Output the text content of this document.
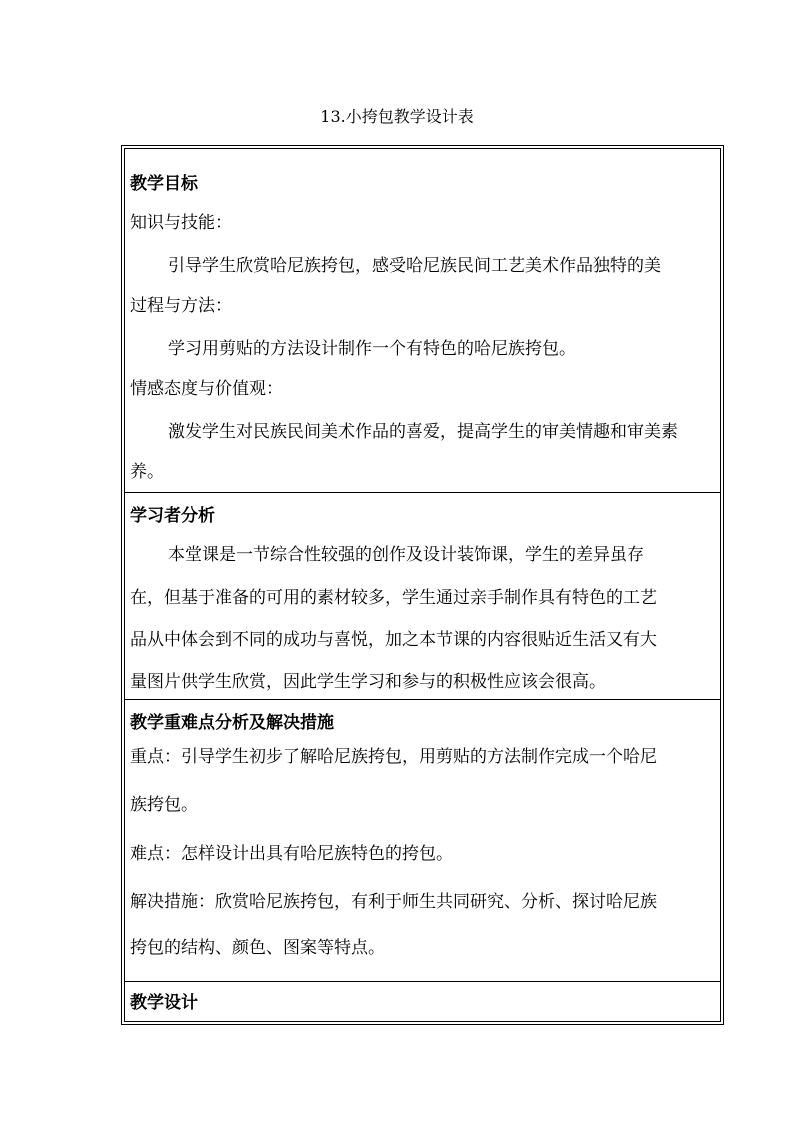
13.小挎包教学设计表
教学目标
知识与技能：
引导学生欣赏哈尼族挎包，感受哈尼族民间工艺美术作品独特的美
过程与方法：
学习用剪贴的方法设计制作一个有特色的哈尼族挎包。
情感态度与价值观：
激发学生对民族民间美术作品的喜爱，提高学生的审美情趣和审美素
养。
学习者分析
本堂课是一节综合性较强的创作及设计装饰课，学生的差异虽存
在，但基于准备的可用的素材较多，学生通过亲手制作具有特色的工艺
品从中体会到不同的成功与喜悦，加之本节课的内容很贴近生活又有大
量图片供学生欣赏，因此学生学习和参与的积极性应该会很高。
教学重难点分析及解决措施
重点：引导学生初步了解哈尼族挎包，用剪贴的方法制作完成一个哈尼
族挎包。
难点：怎样设计出具有哈尼族特色的挎包。
解决措施：欣赏哈尼族挎包，有利于师生共同研究、分析、探讨哈尼族
挎包的结构、颜色、图案等特点。
教学设计
